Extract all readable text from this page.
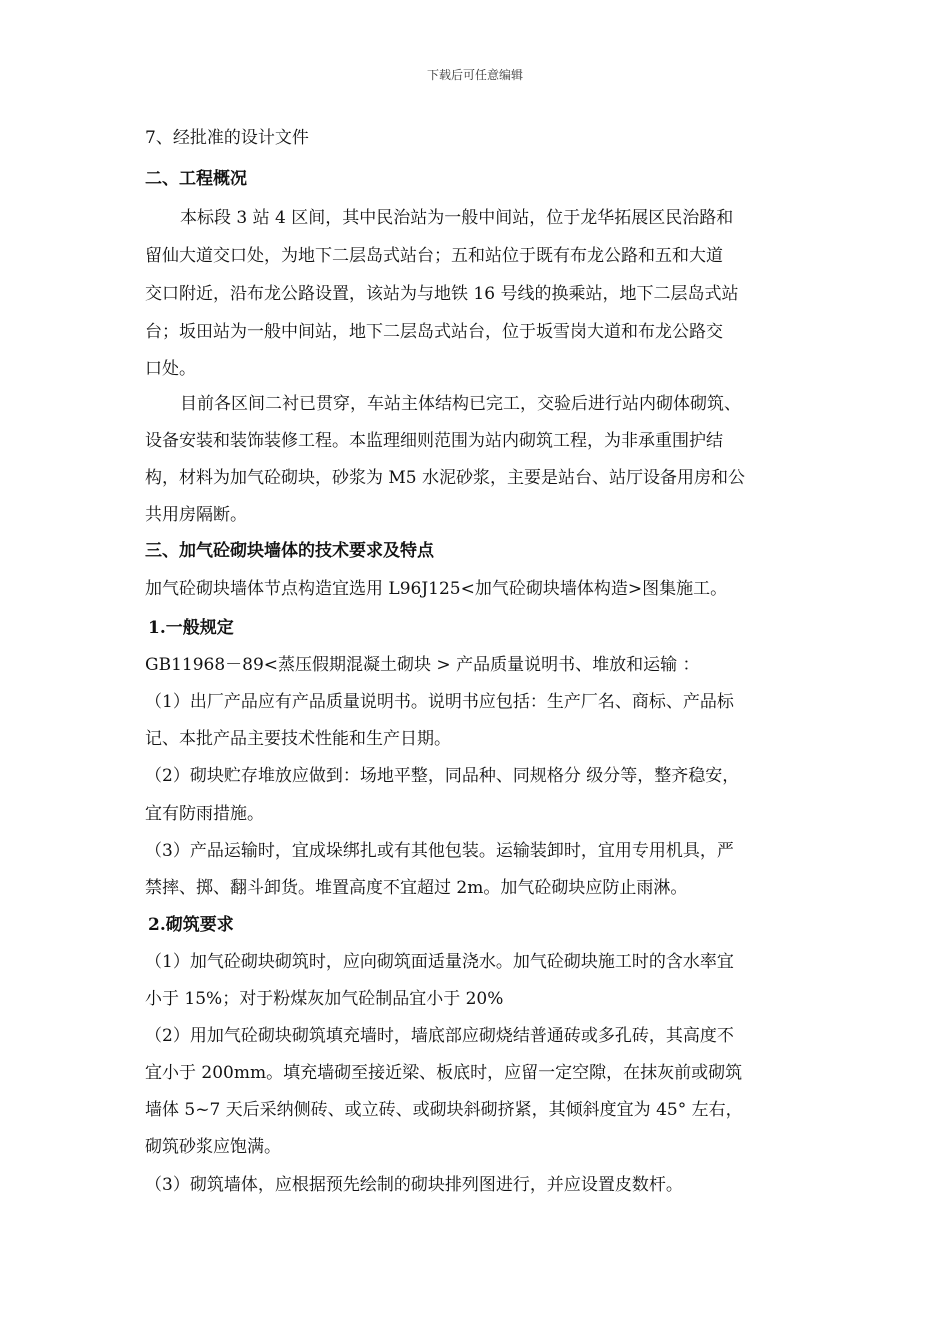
下载后可任意编辑
7、经批准的设计文件
二、工程概况
本标段 3 站 4 区间，其中民治站为一般中间站，位于龙华拓展区民治路和
留仙大道交口处，为地下二层岛式站台；五和站位于既有布龙公路和五和大道
交口附近，沿布龙公路设置，该站为与地铁 16 号线的换乘站，地下二层岛式站
台；坂田站为一般中间站，地下二层岛式站台，位于坂雪岗大道和布龙公路交
口处。
目前各区间二衬已贯穿，车站主体结构已完工，交验后进行站内砌体砌筑、
设备安装和装饰装修工程。本监理细则范围为站内砌筑工程，为非承重围护结
构，材料为加气砼砌块，砂浆为 M5 水泥砂浆，主要是站台、站厅设备用房和公
共用房隔断。
三、加气砼砌块墙体的技术要求及特点
加气砼砌块墙体节点构造宜选用 L96J125<加气砼砌块墙体构造>图集施工。
1.一般规定
GB11968－89<蒸压假期混凝土砌块 > 产品质量说明书、堆放和运输 ：
（1）出厂产品应有产品质量说明书。说明书应包括：生产厂名、商标、产品标
记、本批产品主要技术性能和生产日期。
（2）砌块贮存堆放应做到：场地平整，同品种、同规格分 级分等，整齐稳安，
宜有防雨措施。
（3）产品运输时，宜成垛绑扎或有其他包装。运输装卸时，宜用专用机具，严
禁摔、掷、翻斗卸货。堆置高度不宜超过 2m。加气砼砌块应防止雨淋。
2.砌筑要求
（1）加气砼砌块砌筑时，应向砌筑面适量浇水。加气砼砌块施工时的含水率宜
小于 15%；对于粉煤灰加气砼制品宜小于 20%
（2）用加气砼砌块砌筑填充墙时，墙底部应砌烧结普通砖或多孔砖，其高度不
宜小于 200mm。填充墙砌至接近梁、板底时，应留一定空隙，在抹灰前或砌筑
墙体 5~7 天后采纳侧砖、或立砖、或砌块斜砌挤紧，其倾斜度宜为 45° 左右，
砌筑砂浆应饱满。
（3）砌筑墙体，应根据预先绘制的砌块排列图进行，并应设置皮数杆。
